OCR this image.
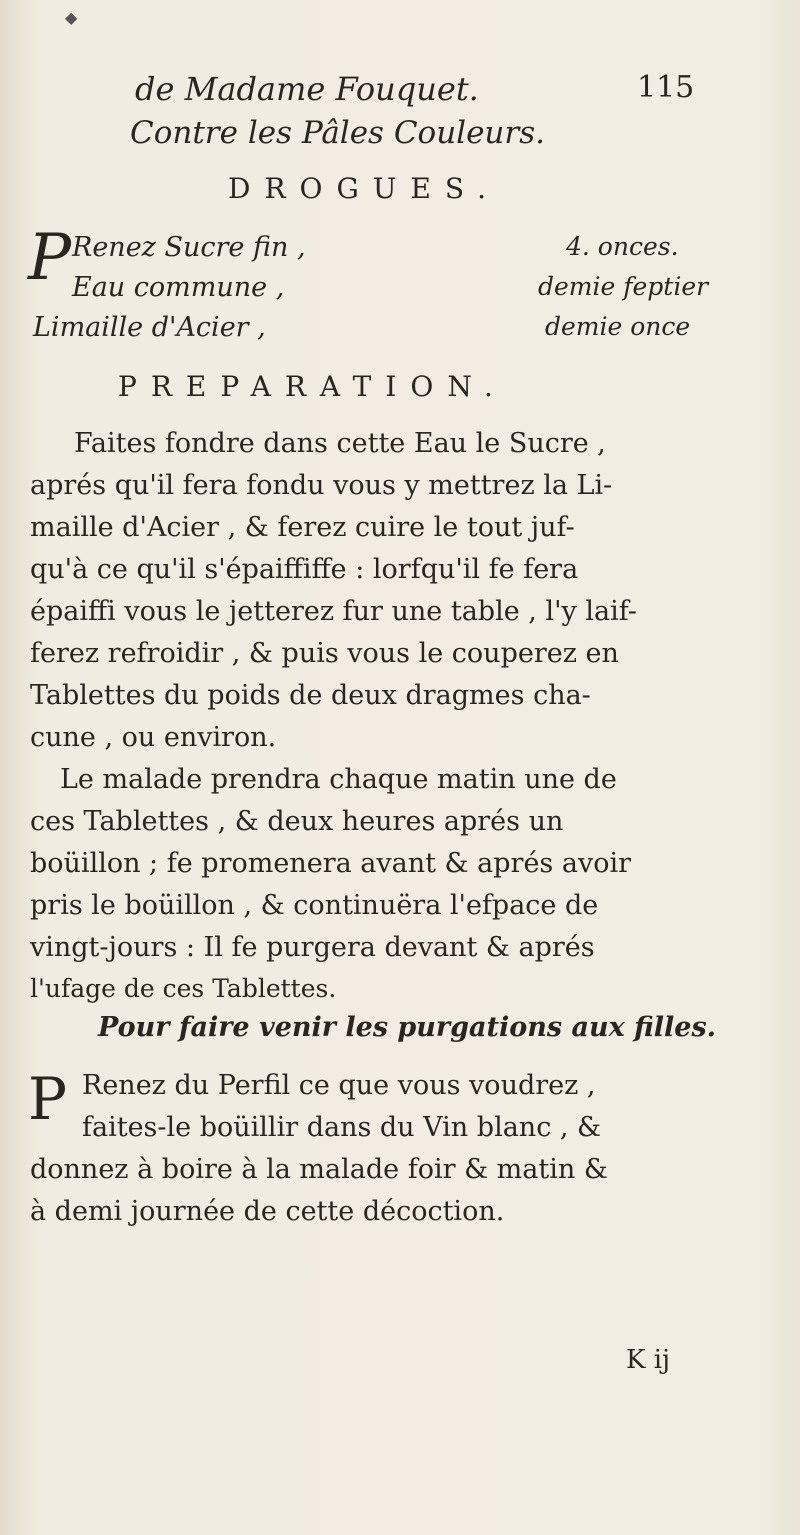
◆
de Madame Fouquet.	115
Contre les Pâles Couleurs.
DROGUES.
P Renez Sucre fin ,	4. onces.
Eau commune ,	demie feptier
Limaille d'Acier ,	demie once
PREPARATION.
Faites fondre dans cette Eau le Sucre ,
aprés qu'il fera fondu vous y mettrez la Li-
maille d'Acier , & ferez cuire le tout juf-
qu'à ce qu'il s'épaiffiffe : lorfqu'il fe fera
épaiffi vous le jetterez fur une table , l'y laif-
ferez refroidir , & puis vous le couperez en
Tablettes du poids de deux dragmes cha-
cune , ou environ.
Le malade prendra chaque matin une de
ces Tablettes , & deux heures aprés un
boüillon ; fe promenera avant & aprés avoir
pris le boüillon , & continuëra l'efpace de
vingt-jours : Il fe purgera devant & aprés
l'ufage de ces Tablettes.
Pour faire venir les purgations aux filles.
P Renez du Perfil ce que vous voudrez ,
faites-le boüillir dans du Vin blanc , &
donnez à boire à la malade foir & matin &
à demi journée de cette décoction.
K ij
